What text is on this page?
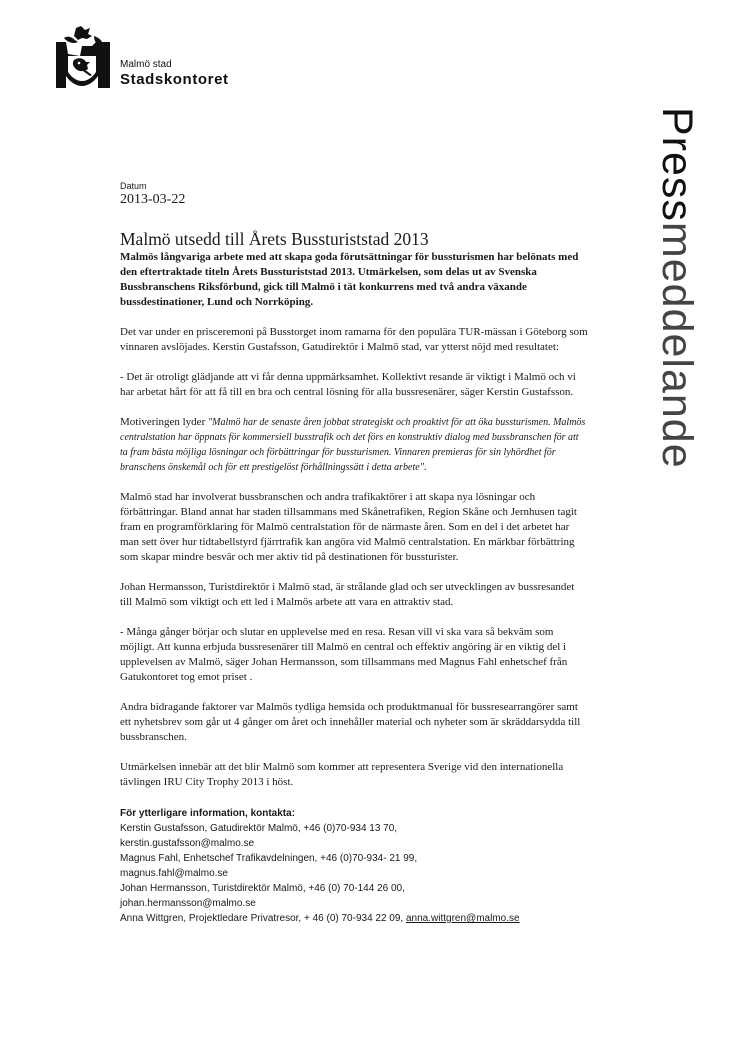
Malmö stad
Stadskontoret
Pressmeddelande
Datum
2013-03-22
Malmö utsedd till Årets Bussturiststad 2013

Malmös långvariga arbete med att skapa goda förutsättningar för bussturismen har belönats med den eftertraktade titeln Årets Bussturiststad 2013. Utmärkelsen, som delas ut av Svenska Bussbranschens Riksförbund, gick till Malmö i tät konkurrens med två andra växande bussdestinationer, Lund och Norrköping.

Det var under en prisceremoni på Busstorget inom ramarna för den populära TUR-mässan i Göteborg som vinnaren avslöjades. Kerstin Gustafsson, Gatudirektör i Malmö stad, var ytterst nöjd med resultatet:

- Det är otroligt glädjande att vi får denna uppmärksamhet. Kollektivt resande är viktigt i Malmö och vi har arbetat hårt för att få till en bra och central lösning för alla bussresenärer, säger Kerstin Gustafsson.

Motiveringen lyder "Malmö har de senaste åren jobbat strategiskt och proaktivt för att öka bussturismen. Malmös centralstation har öppnats för kommersiell busstrafik och det förs en konstruktiv dialog med bussbranschen för att ta fram bästa möjliga lösningar och förbättringar för bussturismen. Vinnaren premieras för sin lyhördhet för branschens önskemål och för ett prestigelöst förhållningssätt i detta arbete".

Malmö stad har involverat bussbranschen och andra trafikaktörer i att skapa nya lösningar och förbättringar. Bland annat har staden tillsammans med Skånetrafiken, Region Skåne och Jernhusen tagit fram en programförklaring för Malmö centralstation för de närmaste åren. Som en del i det arbetet har man sett över hur tidtabellstyrd fjärrtrafik kan angöra vid Malmö centralstation. En märkbar förbättring som skapar mindre besvär och mer aktiv tid på destinationen för bussturister.

Johan Hermansson, Turistdirektör i Malmö stad, är strålande glad och ser utvecklingen av bussresandet till Malmö som viktigt och ett led i Malmös arbete att vara en attraktiv stad.

- Många gånger börjar och slutar en upplevelse med en resa. Resan vill vi ska vara så bekväm som möjligt. Att kunna erbjuda bussresenärer till Malmö en central och effektiv angöring är en viktig del i upplevelsen av Malmö, säger Johan Hermansson, som tillsammans med Magnus Fahl enhetschef från Gatukontoret tog emot priset .

Andra bidragande faktorer var Malmös tydliga hemsida och produktmanual för bussresearrangörer samt ett nyhetsbrev som går ut 4 gånger om året och innehåller material och nyheter som är skräddarsydda till bussbranschen.

Utmärkelsen innebär att det blir Malmö som kommer att representera Sverige vid den internationella tävlingen IRU City Trophy 2013 i höst.

För ytterligare information, kontakta:
Kerstin Gustafsson, Gatudirektör Malmö, +46 (0)70-934 13 70,
kerstin.gustafsson@malmo.se
Magnus Fahl, Enhetschef Trafikavdelningen, +46 (0)70-934- 21 99,
magnus.fahl@malmo.se
Johan Hermansson, Turistdirektör Malmö, +46 (0) 70-144 26 00,
johan.hermansson@malmo.se
Anna Wittgren, Projektledare Privatresor, + 46 (0) 70-934 22 09, anna.wittgren@malmo.se
